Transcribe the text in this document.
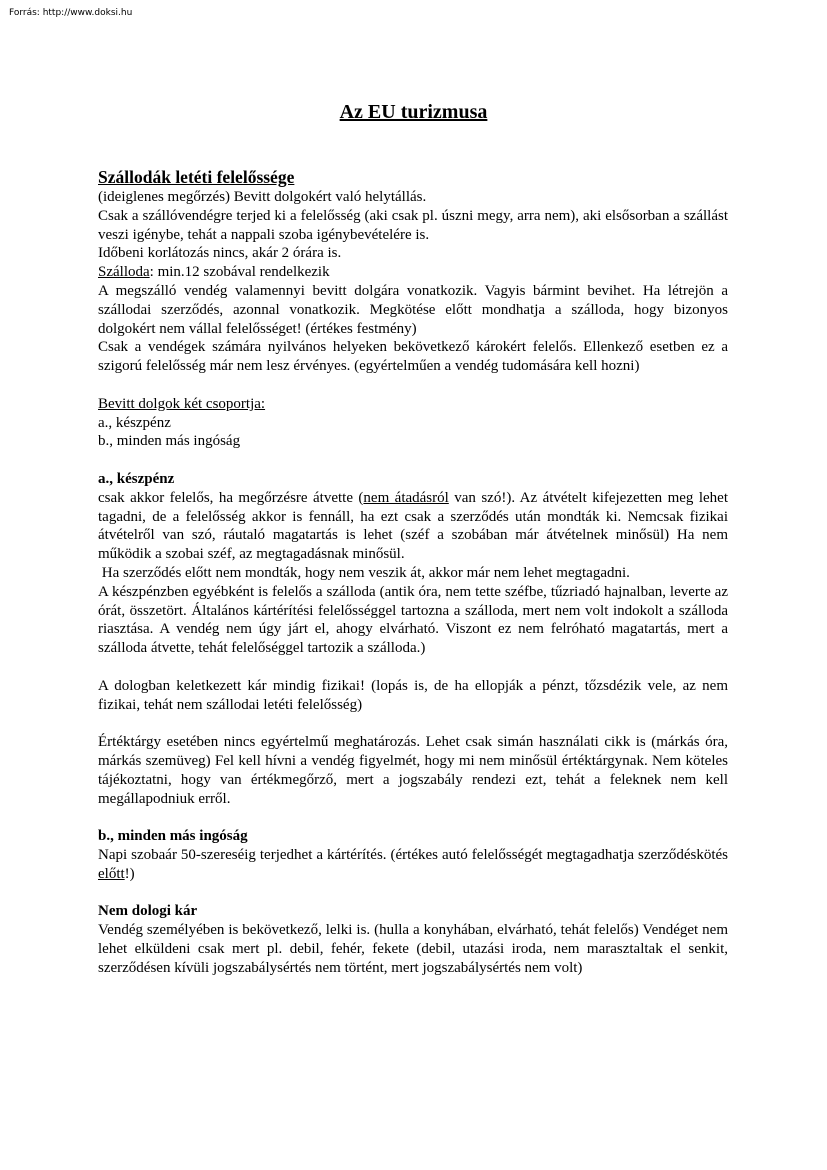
Forrás: http://www.doksi.hu
Az EU turizmusa

Szállodák letéti felelőssége

(ideiglenes megőrzés) Bevitt dolgokért való helytállás.

Csak a szállóvendégre terjed ki a felelősség (aki csak pl. úszni megy, arra nem), aki elsősorban a szállást veszi igénybe, tehát a nappali szoba igénybevételére is.

Időbeni korlátozás nincs, akár 2 órára is.

Szálloda: min.12 szobával rendelkezik

A megszálló vendég valamennyi bevitt dolgára vonatkozik. Vagyis bármint bevihet. Ha létrejön a szállodai szerződés, azonnal vonatkozik. Megkötése előtt mondhatja a szálloda, hogy bizonyos dolgokért nem vállal felelősséget! (értékes festmény)

Csak a vendégek számára nyilvános helyeken bekövetkező károkért felelős. Ellenkező esetben ez a szigorú felelősség már nem lesz érvényes. (egyértelműen a vendég tudomására kell hozni)

Bevitt dolgok két csoportja:

a., készpénz

b., minden más ingóság

a., készpénz

csak akkor felelős, ha megőrzésre átvette (nem átadásról van szó!). Az átvételt kifejezetten meg lehet tagadni, de a felelősség akkor is fennáll, ha ezt csak a szerződés után mondták ki. Nemcsak fizikai átvételről van szó, ráutaló magatartás is lehet (széf a szobában már átvételnek minősül) Ha nem működik a szobai széf, az megtagadásnak minősül.

Ha szerződés előtt nem mondták, hogy nem veszik át, akkor már nem lehet megtagadni.

A készpénzben egyébként is felelős a szálloda (antik óra, nem tette széfbe, tűzriadó hajnalban, leverte az órát, összetört. Általános kártérítési felelősséggel tartozna a szálloda, mert nem volt indokolt a szálloda riasztása. A vendég nem úgy járt el, ahogy elvárható. Viszont ez nem felróható magatartás, mert a szálloda átvette, tehát felelőséggel tartozik a szálloda.)

A dologban keletkezett kár mindig fizikai! (lopás is, de ha ellopják a pénzt, tőzsdézik vele, az nem fizikai, tehát nem szállodai letéti felelősség)

Értéktárgy esetében nincs egyértelmű meghatározás. Lehet csak simán használati cikk is (márkás óra, márkás szemüveg) Fel kell hívni a vendég figyelmét, hogy mi nem minősül értéktárgynak. Nem köteles tájékoztatni, hogy van értékmegőrző, mert a jogszabály rendezi ezt, tehát a feleknek nem kell megállapodniuk erről.

b., minden más ingóság

Napi szobaár 50-szereséig terjedhet a kártérítés. (értékes autó felelősségét megtagadhatja szerződéskötés előtt!)

Nem dologi kár

Vendég személyében is bekövetkező, lelki is. (hulla a konyhában, elvárható, tehát felelős) Vendéget nem lehet elküldeni csak mert pl. debil, fehér, fekete (debil, utazási iroda, nem marasztaltak el senkit, szerződésen kívüli jogszabálysértés nem történt, mert jogszabálysértés nem volt)
